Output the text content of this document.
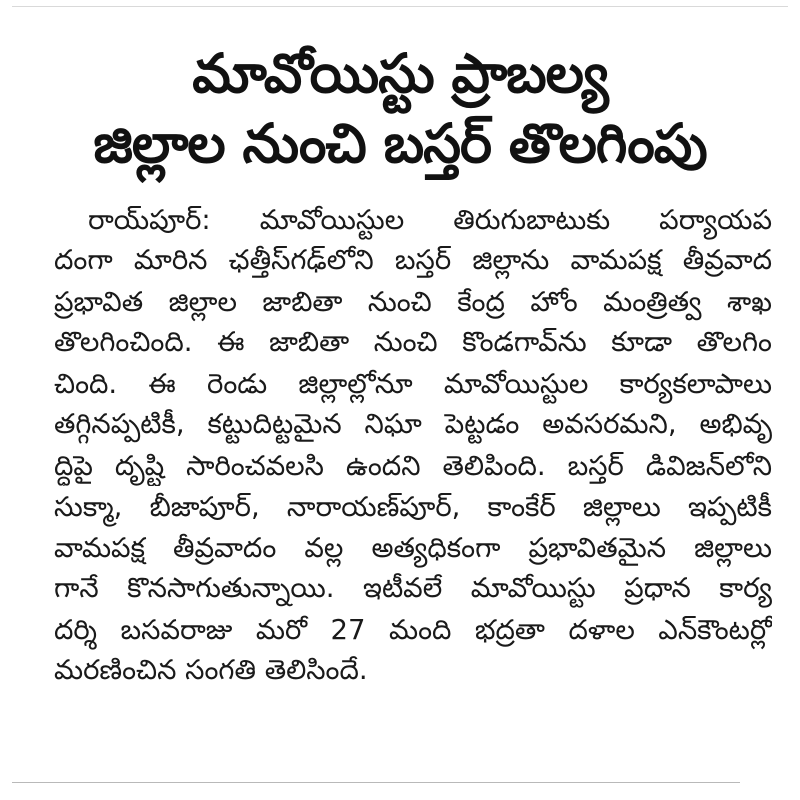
మావోయిస్టు ప్రాబల్య
జిల్లాల నుంచి బస్తర్ తొలగింపు
రాయ్‌పూర్: మావోయిస్టుల తిరుగుబాటుకు పర్యాయప
దంగా మారిన ఛత్తీస్‌గఢ్‌లోని బస్తర్ జిల్లాను వామపక్ష తీవ్రవాద
ప్రభావిత జిల్లాల జాబితా నుంచి కేంద్ర హోం మంత్రిత్వ శాఖ
తొలగించింది. ఈ జాబితా నుంచి కొండగావ్‌ను కూడా తొలగిం
చింది. ఈ రెండు జిల్లాల్లోనూ మావోయిస్టుల కార్యకలాపాలు
తగ్గినప్పటికీ, కట్టుదిట్టమైన నిఘా పెట్టడం అవసరమని, అభివృ
ద్ధిపై దృష్టి సారించవలసి ఉందని తెలిపింది. బస్తర్ డివిజన్‌లోని
సుక్మా, బీజాపూర్, నారాయణ్‌పూర్, కాంకేర్ జిల్లాలు ఇప్పటికీ
వామపక్ష తీవ్రవాదం వల్ల అత్యధికంగా ప్రభావితమైన జిల్లాలు
గానే కొనసాగుతున్నాయి. ఇటీవలే మావోయిస్టు ప్రధాన కార్య
దర్శి బసవరాజు మరో 27 మంది భద్రతా దళాల ఎన్‌కౌంటర్లో
మరణించిన సంగతి తెలిసిందే.
